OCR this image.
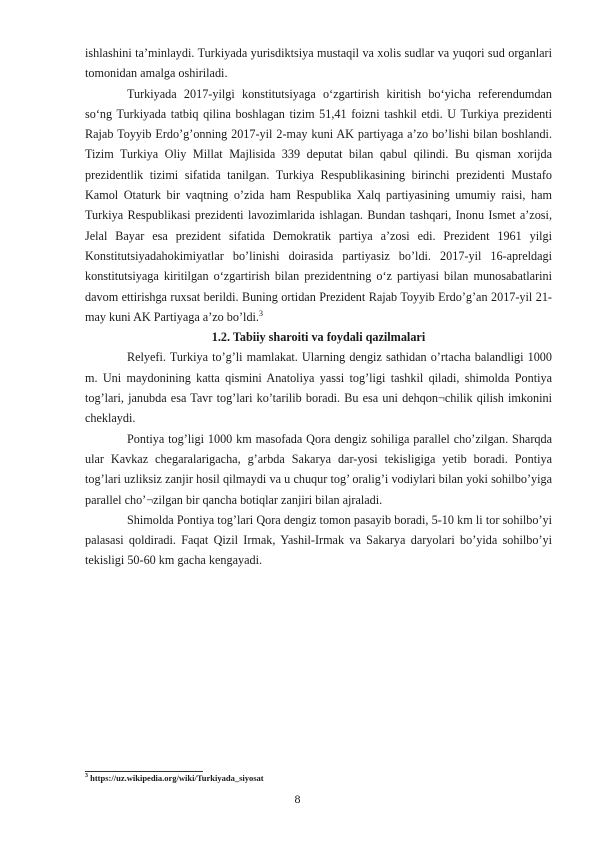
ishlashini ta’minlaydi. Turkiyada yurisdiktsiya mustaqil va xolis sudlar va yuqori sud organlari tomonidan amalga oshiriladi.

Turkiyada 2017-yilgi konstitutsiyaga o‘zgartirish kiritish bo‘yicha referendumdan so‘ng Turkiyada tatbiq qilina boshlagan tizim 51,41 foizni tashkil etdi. U Turkiya prezidenti Rajab Toyyib Erdo’g’onning 2017-yil 2-may kuni AK partiyaga a’zo bo’lishi bilan boshlandi. Tizim Turkiya Oliy Millat Majlisida 339 deputat bilan qabul qilindi. Bu qisman xorijda prezidentlik tizimi sifatida tanilgan. Turkiya Respublikasining birinchi prezidenti Mustafo Kamol Otaturk bir vaqtning o’zida ham Respublika Xalq partiyasining umumiy raisi, ham Turkiya Respublikasi prezidenti lavozimlarida ishlagan. Bundan tashqari, Inonu Ismet a’zosi, Jelal Bayar esa prezident sifatida Demokratik partiya a’zosi edi. Prezident 1961 yilgi Konstitutsiyadahokimiyatlar bo’linishi doirasida partiyasiz bo’ldi. 2017-yil 16-apreldagi konstitutsiyaga kiritilgan o‘zgartirish bilan prezidentning o‘z partiyasi bilan munosabatlarini davom ettirishga ruxsat berildi. Buning ortidan Prezident Rajab Toyyib Erdo’g’an 2017-yil 21-may kuni AK Partiyaga a’zo bo’ldi.$^3$

1.2. Tabiiy sharoiti va foydali qazilmalari

Relyefi. Turkiya to’g’li mamlakat. Ularning dengiz sathidan o’rtacha balandligi 1000 m. Uni maydonining katta qismini Anatoliya yassi tog’ligi tashkil qiladi, shimolda Pontiya tog’lari, janubda esa Tavr tog’lari ko’tarilib boradi. Bu esa uni dehqon¬chilik qilish imkonini cheklaydi.

Pontiya tog’ligi 1000 km masofada Qora dengiz sohiliga parallel cho’zilgan. Sharqda ular Kavkaz chegaralarigacha, g’arbda Sakarya dar-yosi tekisligiga yetib boradi. Pontiya tog’lari uzliksiz zanjir hosil qilmaydi va u chuqur tog’ oralig’i vodiylari bilan yoki sohilbo’yiga parallel cho’¬zilgan bir qancha botiqlar zanjiri bilan ajraladi.

Shimolda Pontiya tog’lari Qora dengiz tomon pasayib boradi, 5-10 km li tor sohilbo’yi palasasi qoldiradi. Faqat Qizil Irmak, Yashil-Irmak va Sakarya daryolari bo’yida sohilbo’yi tekisligi 50-60 km gacha kengayadi.

$^3$ https://uz.wikipedia.org/wiki/Turkiyada_siyosat
8
